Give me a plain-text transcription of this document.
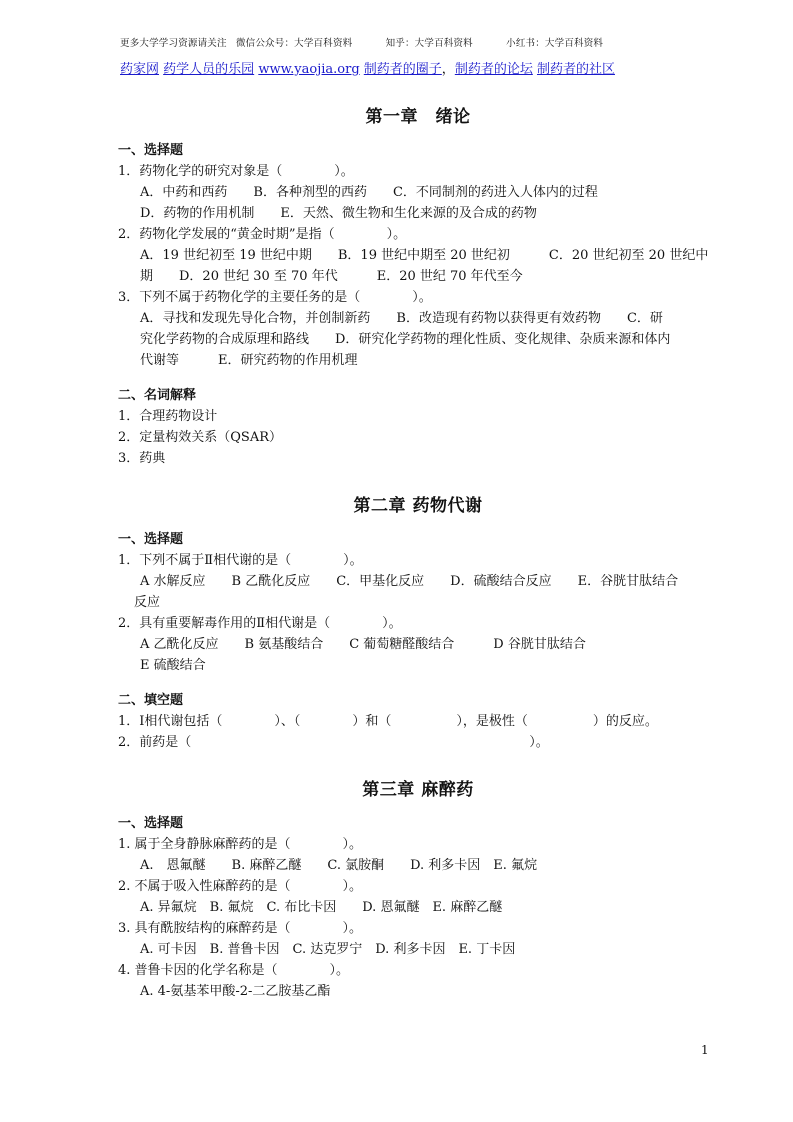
更多大学学习资源请关注 微信公众号：大学百科资料	知乎：大学百科资料	小红书：大学百科资料
药家网 药学人员的乐园 www.yaojia.org 制药者的圈子，制药者的论坛 制药者的社区
第一章　绪论

一、选择题

1．药物化学的研究对象是（　　　　）。

A．中药和西药　　B．各种剂型的西药　　C．不同制剂的药进入人体内的过程

D．药物的作用机制　　E．天然、微生物和生化来源的及合成的药物

2．药物化学发展的“黄金时期”是指（　　　　）。

A．19 世纪初至 19 世纪中期　　B．19 世纪中期至 20 世纪初　　　C．20 世纪初至 20 世纪中

期　　D．20 世纪 30 至 70 年代　　　E．20 世纪 70 年代至今

3．下列不属于药物化学的主要任务的是（　　　　）。

A．寻找和发现先导化合物，并创制新药　　B．改造现有药物以获得更有效药物　　C．研

究化学药物的合成原理和路线　　D．研究化学药物的理化性质、变化规律、杂质来源和体内

代谢等　　　E．研究药物的作用机理

二、名词解释

1．合理药物设计

2．定量构效关系（QSAR）

3．药典

第二章 药物代谢

一、选择题

1．下列不属于Ⅱ相代谢的是（　　　　）。

A 水解反应　　B 乙酰化反应　　C．甲基化反应　　D．硫酸结合反应　　E．谷胱甘肽结合

反应

2．具有重要解毒作用的Ⅱ相代谢是（　　　　）。

A 乙酰化反应　　B 氨基酸结合　　C 葡萄糖醛酸结合　　　D 谷胱甘肽结合

E 硫酸结合

二、填空题

1．Ⅰ相代谢包括（　　　　）、（　　　　）和（　　　　　），是极性（　　　　　）的反应。

2．前药是（　　　　　　　　　　　　　　　　　　　　　　　　　　）。

第三章 麻醉药

一、选择题

1. 属于全身静脉麻醉药的是（　　　　）。

A.　恩氟醚　　B. 麻醉乙醚　　C. 氯胺酮　　D. 利多卡因　E. 氟烷

2. 不属于吸入性麻醉药的是（　　　　）。

A. 异氟烷　B. 氟烷　C. 布比卡因　　D. 恩氟醚　E. 麻醉乙醚

3. 具有酰胺结构的麻醉药是（　　　　）。

A. 可卡因　B. 普鲁卡因　C. 达克罗宁　D. 利多卡因　E. 丁卡因

4. 普鲁卡因的化学名称是（　　　　）。

A. 4-氨基苯甲酸-2-二乙胺基乙酯

1
